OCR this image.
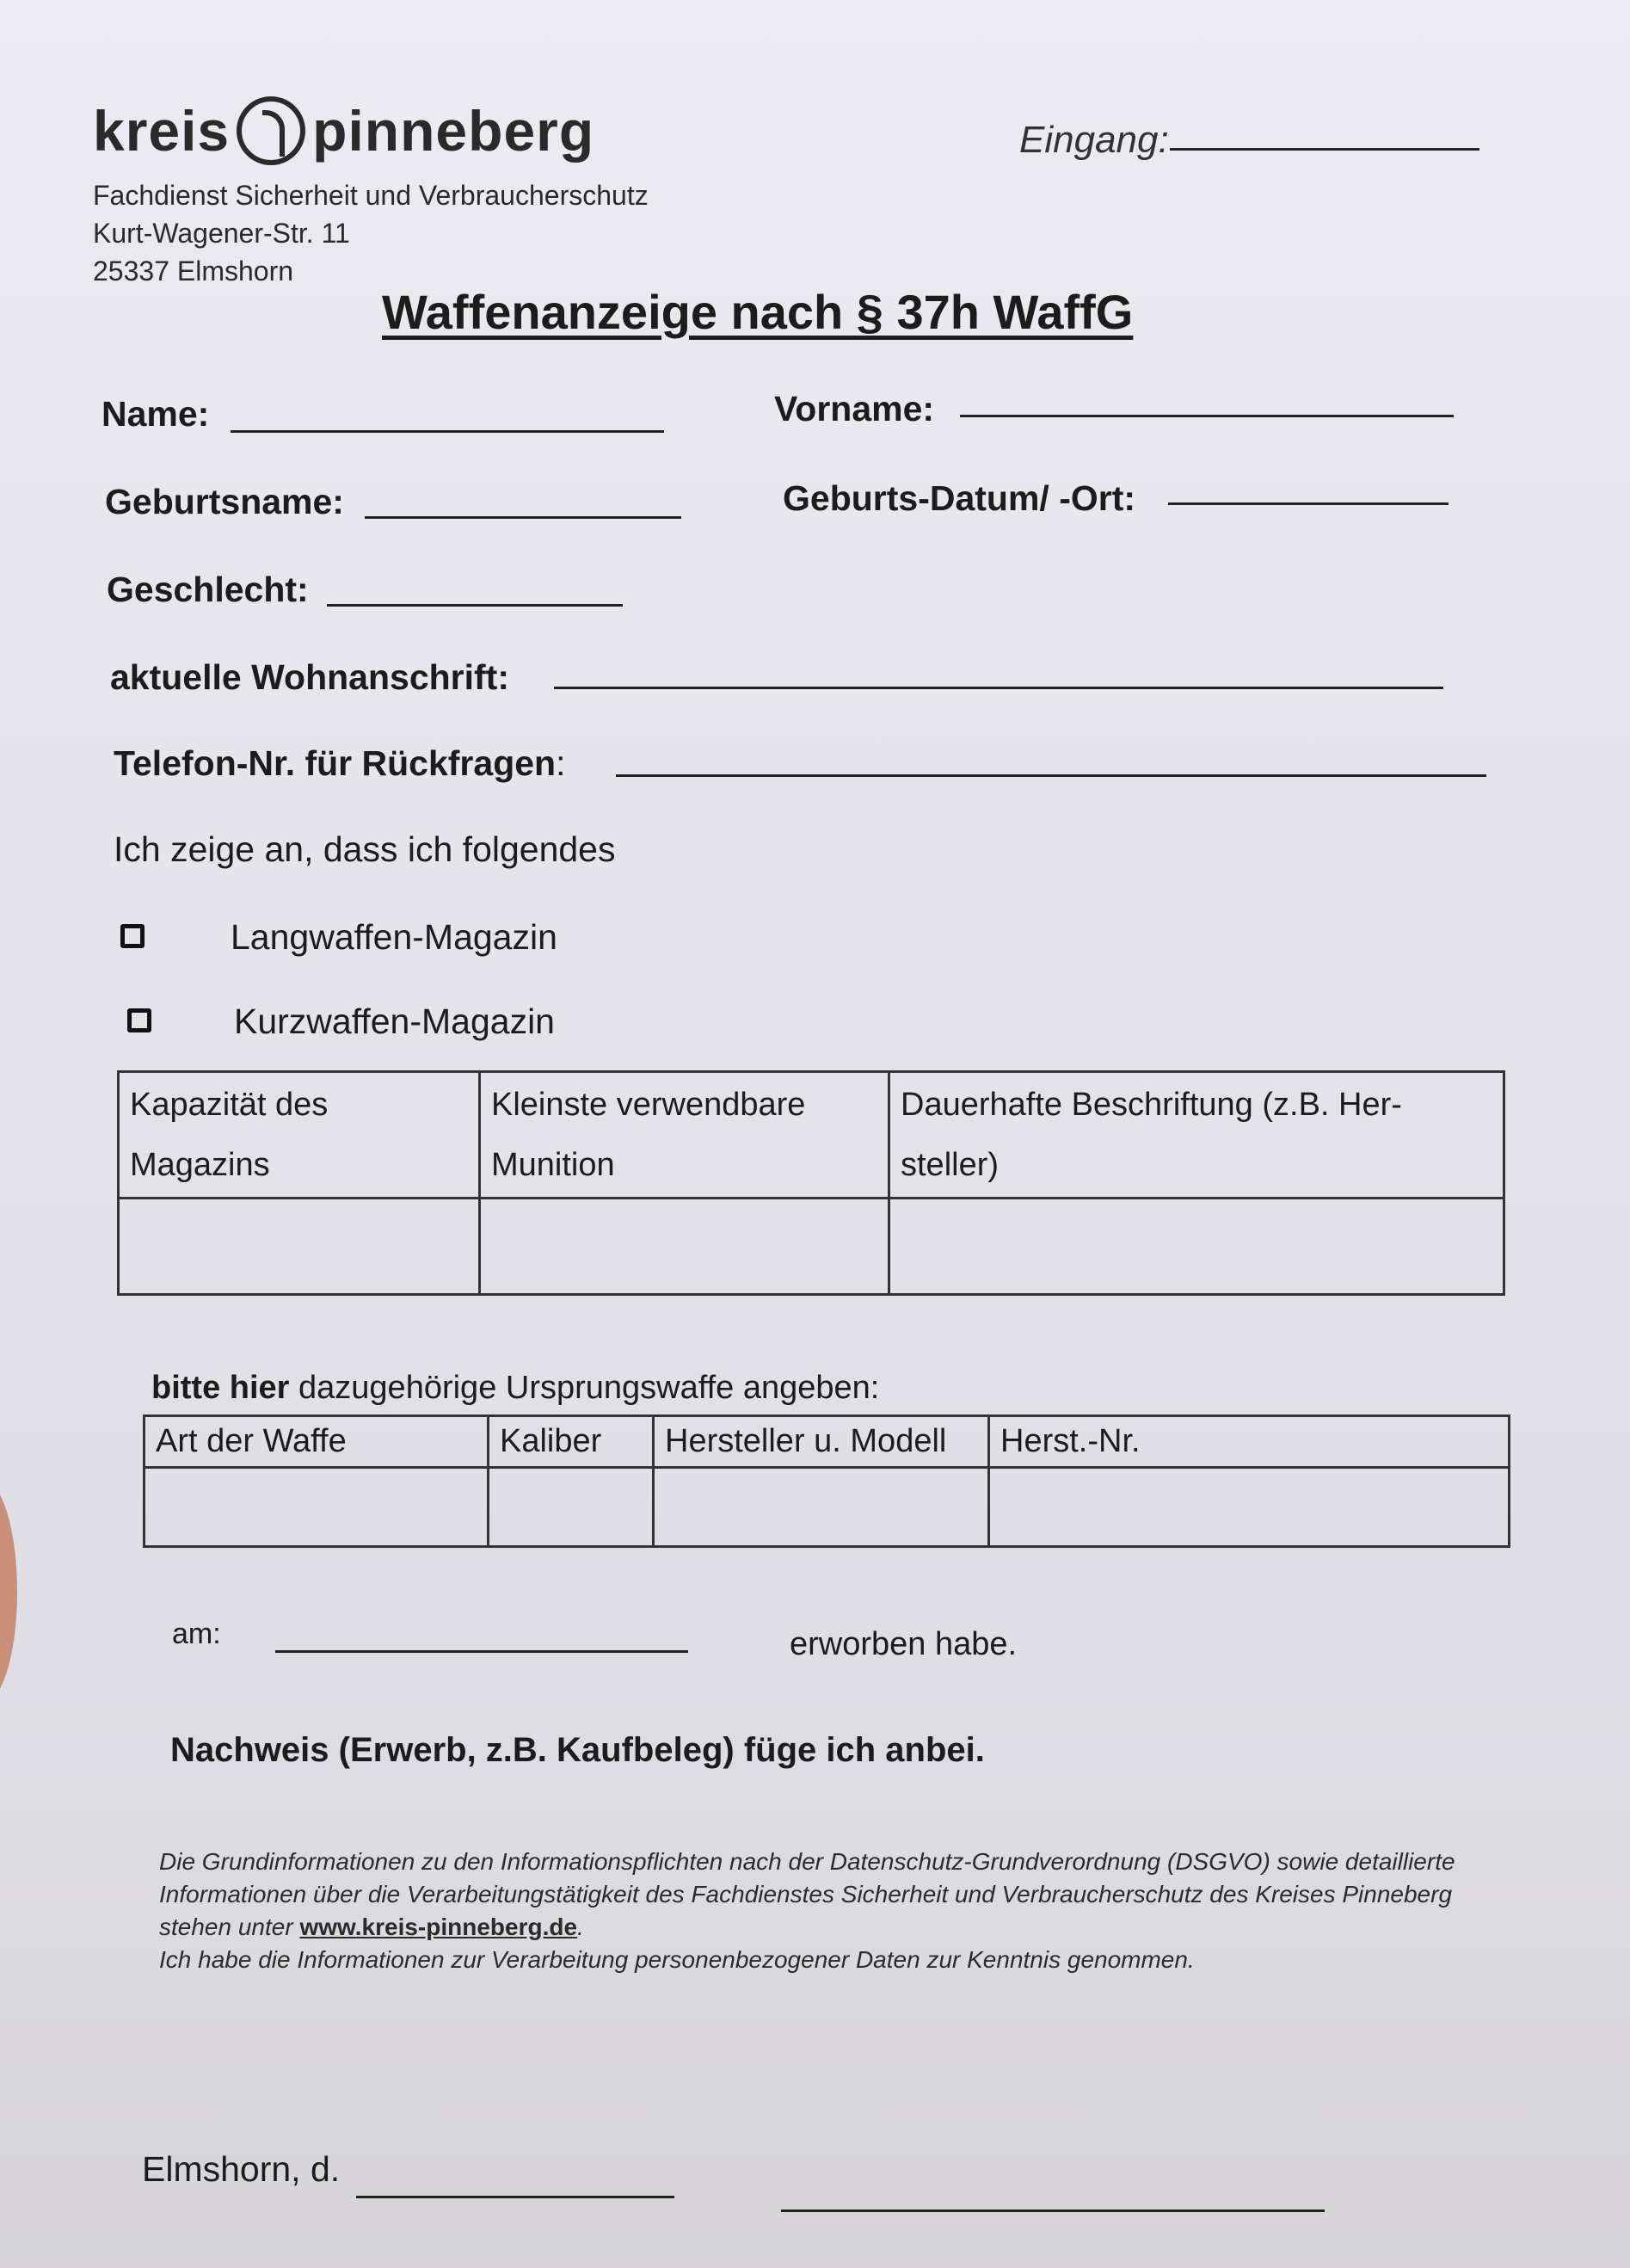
kreis pinneberg
Fachdienst Sicherheit und Verbraucherschutz
Kurt-Wagener-Str. 11
25337 Elmshorn
Eingang:
Waffenanzeige nach § 37h WaffG
Name:	Vorname:
Geburtsname:	Geburts-Datum/ -Ort:
Geschlecht:
aktuelle Wohnanschrift:
Telefon-Nr. für Rückfragen:
Ich zeige an, dass ich folgendes
Langwaffen-Magazin
Kurzwaffen-Magazin
Kapazität des Magazins	Kleinste verwendbare Munition	Dauerhafte Beschriftung (z.B. Her-steller)

bitte hier dazugehörige Ursprungswaffe angeben:
Art der Waffe	Kaliber	Hersteller u. Modell	Herst.-Nr.

am:	erworben habe.
Nachweis (Erwerb, z.B. Kaufbeleg) füge ich anbei.
Die Grundinformationen zu den Informationspflichten nach der Datenschutz-Grundverordnung (DSGVO) sowie detaillierte Informationen über die Verarbeitungstätigkeit des Fachdienstes Sicherheit und Verbraucherschutz des Kreises Pinneberg stehen unter www.kreis-pinneberg.de.
Ich habe die Informationen zur Verarbeitung personenbezogener Daten zur Kenntnis genommen.
Elmshorn, d.
